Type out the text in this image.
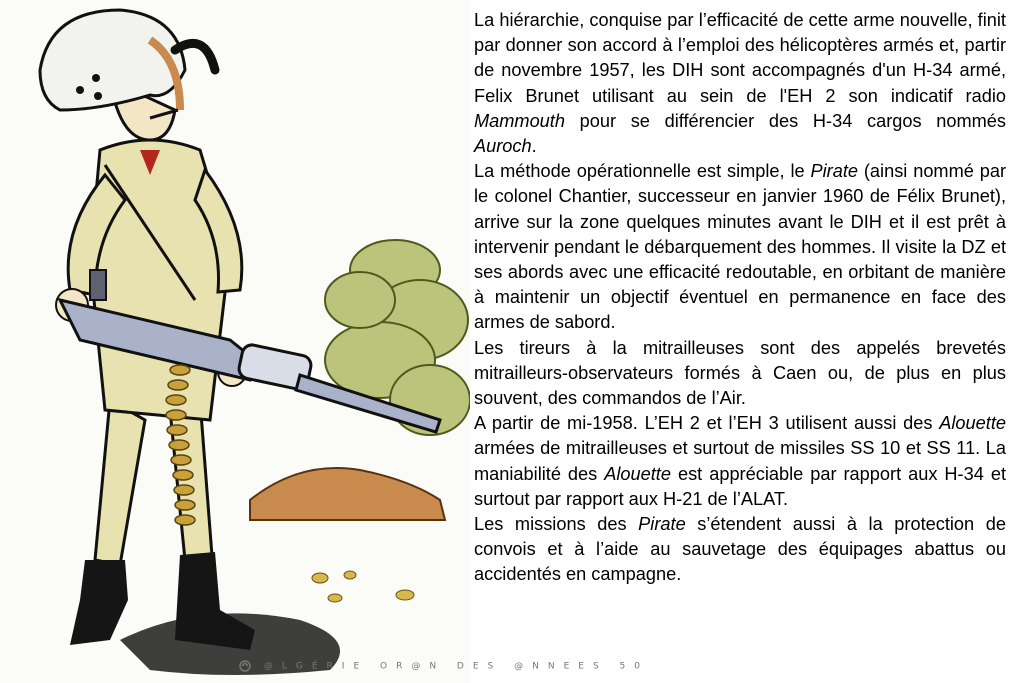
La hiérarchie, conquise par l’efficacité de cette arme nouvelle, finit par donner son accord à l’emploi des hélicoptères armés et, partir de novembre 1957, les DIH sont accompagnés d'un H-34 armé, Felix Brunet utilisant au sein de l'EH 2 son indicatif radio Mammouth pour se différencier des H-34 cargos nommés Auroch.

La méthode opérationnelle est simple, le Pirate (ainsi nommé par le colonel Chantier, successeur en janvier 1960 de Félix Brunet), arrive sur la zone quelques minutes avant le DIH et il est prêt à intervenir pendant le débarquement des hommes. Il visite la DZ et ses abords avec une efficacité redoutable, en orbitant de manière à maintenir un objectif éventuel en permanence en face des armes de sabord.

Les tireurs à la mitrailleuses sont des appelés brevetés mitrailleurs-observateurs formés à Caen ou, de plus en plus souvent, des commandos de l’Air.

A partir de mi-1958. L’EH 2 et l’EH 3 utilisent aussi des Alouette armées de mitrailleuses et surtout de missiles SS 10 et SS 11. La maniabilité des Alouette est appréciable par rapport aux H-34 et surtout par rapport aux H-21 de l’ALAT.

Les missions des Pirate s’étendent aussi à la protection de convois et à l’aide au sauvetage des équipages abattus ou accidentés en campagne.

@LGÉRIE OR@N DES @NNEES 50
